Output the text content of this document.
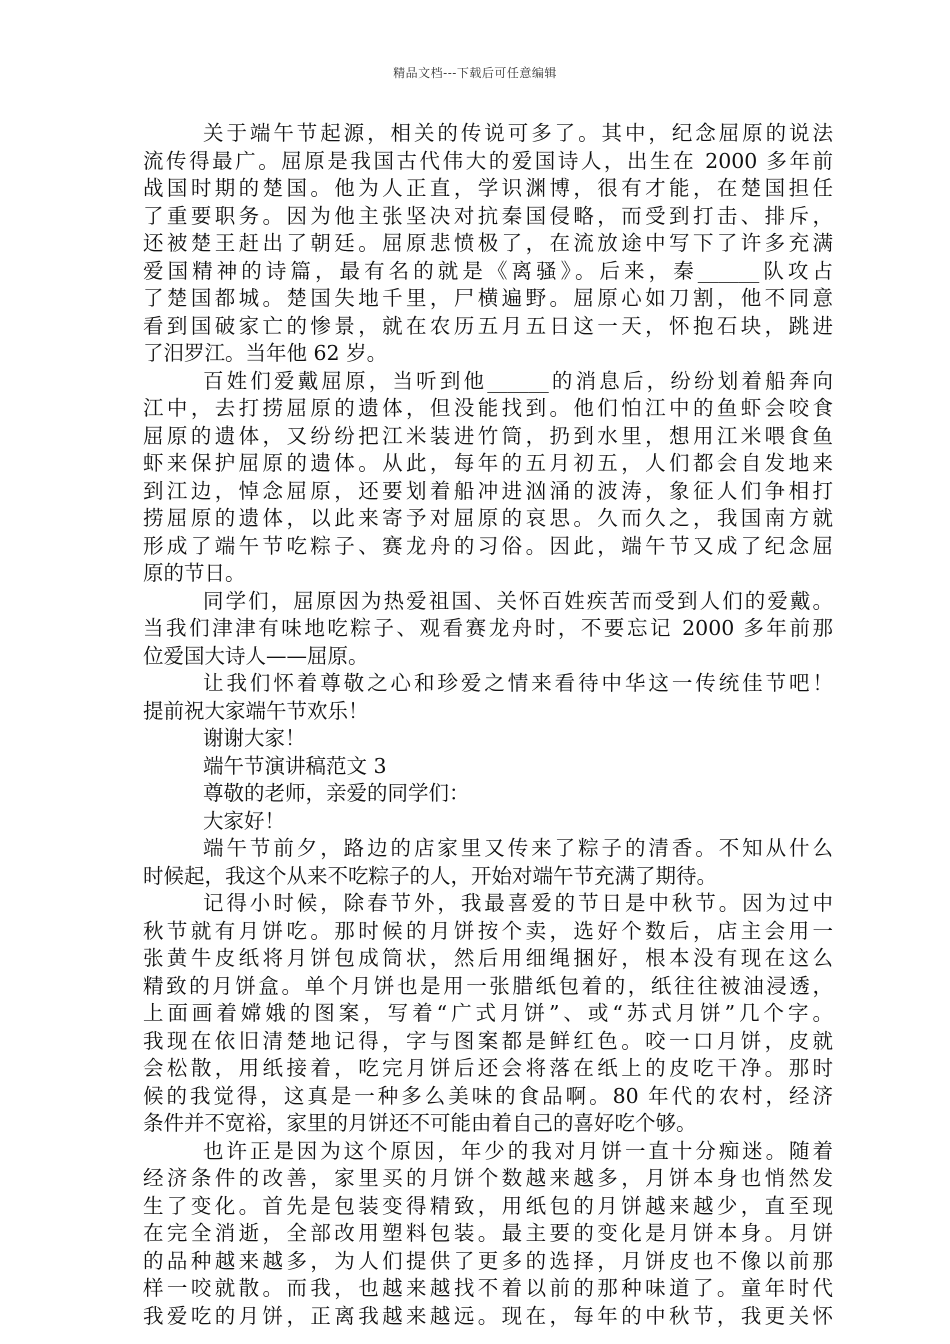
精品文档---下载后可任意编辑
关于端午节起源，相关的传说可多了。其中，纪念屈原的说法
流传得最广。屈原是我国古代伟大的爱国诗人，出生在 2000 多年前
战国时期的楚国。他为人正直，学识渊博，很有才能，在楚国担任
了重要职务。因为他主张坚决对抗秦国侵略，而受到打击、排斥，
还被楚王赶出了朝廷。屈原悲愤极了，在流放途中写下了许多充满
爱国精神的诗篇，最有名的就是《离骚》。后来，秦______队攻占
了楚国都城。楚国失地千里，尸横遍野。屈原心如刀割，他不同意
看到国破家亡的惨景，就在农历五月五日这一天，怀抱石块，跳进
了汨罗江。当年他 62 岁。
百姓们爱戴屈原，当听到他______的消息后，纷纷划着船奔向
江中，去打捞屈原的遗体，但没能找到。他们怕江中的鱼虾会咬食
屈原的遗体，又纷纷把江米装进竹筒，扔到水里，想用江米喂食鱼
虾来保护屈原的遗体。从此，每年的五月初五，人们都会自发地来
到江边，悼念屈原，还要划着船冲进汹涌的波涛，象征人们争相打
捞屈原的遗体，以此来寄予对屈原的哀思。久而久之，我国南方就
形成了端午节吃粽子、赛龙舟的习俗。因此，端午节又成了纪念屈
原的节日。
同学们，屈原因为热爱祖国、关怀百姓疾苦而受到人们的爱戴。
当我们津津有味地吃粽子、观看赛龙舟时，不要忘记 2000 多年前那
位爱国大诗人——屈原。
让我们怀着尊敬之心和珍爱之情来看待中华这一传统佳节吧！
提前祝大家端午节欢乐！
谢谢大家！
端午节演讲稿范文 3
尊敬的老师，亲爱的同学们：
大家好！
端午节前夕，路边的店家里又传来了粽子的清香。不知从什么
时候起，我这个从来不吃粽子的人，开始对端午节充满了期待。
记得小时候，除春节外，我最喜爱的节日是中秋节。因为过中
秋节就有月饼吃。那时候的月饼按个卖，选好个数后，店主会用一
张黄牛皮纸将月饼包成筒状，然后用细绳捆好，根本没有现在这么
精致的月饼盒。单个月饼也是用一张腊纸包着的，纸往往被油浸透，
上面画着嫦娥的图案，写着“广式月饼”、或“苏式月饼”几个字。
我现在依旧清楚地记得，字与图案都是鲜红色。咬一口月饼，皮就
会松散，用纸接着，吃完月饼后还会将落在纸上的皮吃干净。那时
候的我觉得，这真是一种多么美味的食品啊。80 年代的农村，经济
条件并不宽裕，家里的月饼还不可能由着自己的喜好吃个够。
也许正是因为这个原因，年少的我对月饼一直十分痴迷。随着
经济条件的改善，家里买的月饼个数越来越多，月饼本身也悄然发
生了变化。首先是包装变得精致，用纸包的月饼越来越少，直至现
在完全消逝，全部改用塑料包装。最主要的变化是月饼本身。月饼
的品种越来越多，为人们提供了更多的选择，月饼皮也不像以前那
样一咬就散。而我，也越来越找不着以前的那种味道了。童年时代
我爱吃的月饼，正离我越来越远。现在，每年的中秋节，我更关怀
